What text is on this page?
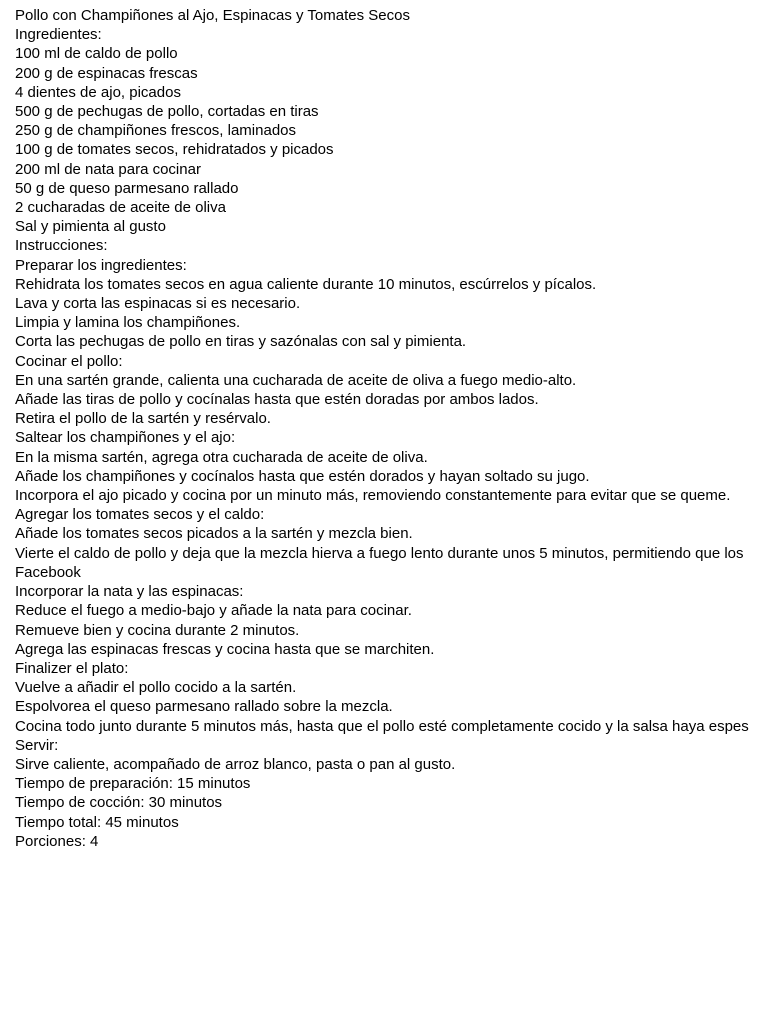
Pollo con Champiñones al Ajo, Espinacas y Tomates Secos
Ingredientes:
100 ml de caldo de pollo
200 g de espinacas frescas
4 dientes de ajo, picados
500 g de pechugas de pollo, cortadas en tiras
250 g de champiñones frescos, laminados
100 g de tomates secos, rehidratados y picados
200 ml de nata para cocinar
50 g de queso parmesano rallado
2 cucharadas de aceite de oliva
Sal y pimienta al gusto
Instrucciones:
Preparar los ingredientes:
Rehidrata los tomates secos en agua caliente durante 10 minutos, escúrrelos y pícalos.
Lava y corta las espinacas si es necesario.
Limpia y lamina los champiñones.
Corta las pechugas de pollo en tiras y sazónalas con sal y pimienta.
Cocinar el pollo:
En una sartén grande, calienta una cucharada de aceite de oliva a fuego medio-alto.
Añade las tiras de pollo y cocínalas hasta que estén doradas por ambos lados.
Retira el pollo de la sartén y resérvalo.
Saltear los champiñones y el ajo:
En la misma sartén, agrega otra cucharada de aceite de oliva.
Añade los champiñones y cocínalos hasta que estén dorados y hayan soltado su jugo.
Incorpora el ajo picado y cocina por un minuto más, removiendo constantemente para evitar que se queme.
Agregar los tomates secos y el caldo:
Añade los tomates secos picados a la sartén y mezcla bien.
Vierte el caldo de pollo y deja que la mezcla hierva a fuego lento durante unos 5 minutos, permitiendo que los
Facebook
Incorporar la nata y las espinacas:
Reduce el fuego a medio-bajo y añade la nata para cocinar.
Remueve bien y cocina durante 2 minutos.
Agrega las espinacas frescas y cocina hasta que se marchiten.
Finalizer el plato:
Vuelve a añadir el pollo cocido a la sartén.
Espolvorea el queso parmesano rallado sobre la mezcla.
Cocina todo junto durante 5 minutos más, hasta que el pollo esté completamente cocido y la salsa haya espes
Servir:
Sirve caliente, acompañado de arroz blanco, pasta o pan al gusto.
Tiempo de preparación: 15 minutos
Tiempo de cocción: 30 minutos
Tiempo total: 45 minutos
Porciones: 4
